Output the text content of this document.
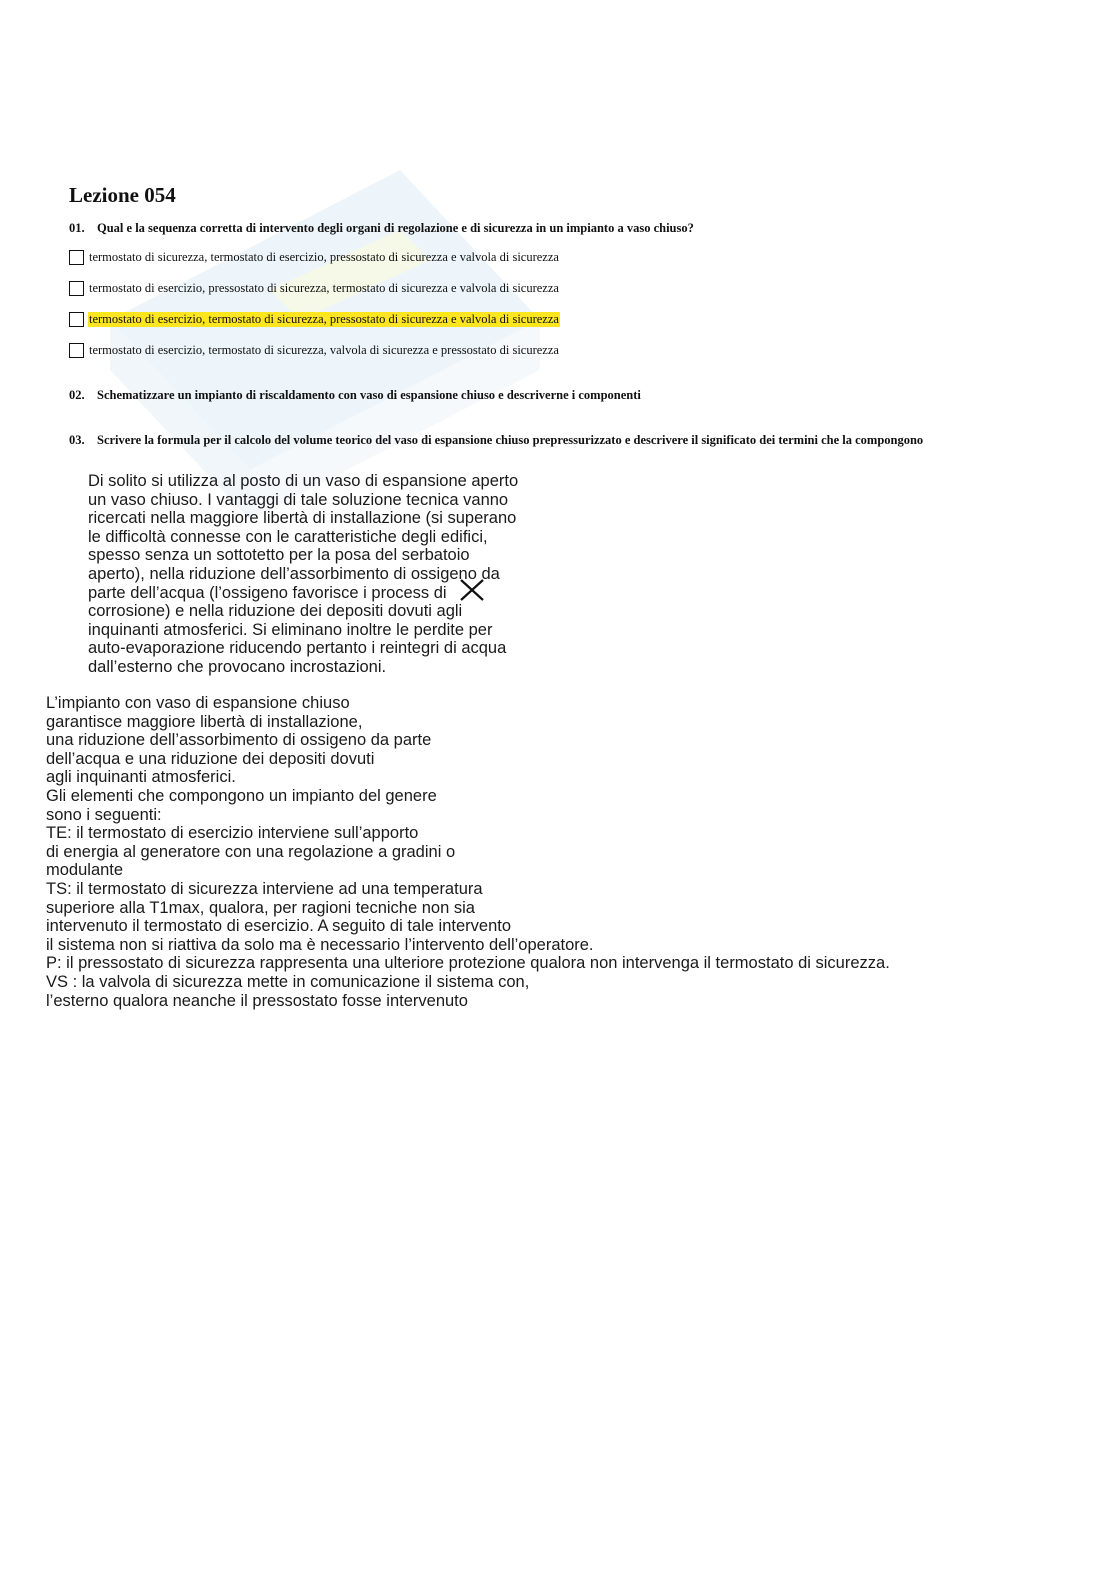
Lezione 054
01. Qual e la sequenza corretta di intervento degli organi di regolazione e di sicurezza in un impianto a vaso chiuso?
termostato di sicurezza, termostato di esercizio, pressostato di sicurezza e valvola di sicurezza
termostato di esercizio, pressostato di sicurezza, termostato di sicurezza e valvola di sicurezza
termostato di esercizio, termostato di sicurezza, pressostato di sicurezza e valvola di sicurezza
termostato di esercizio, termostato di sicurezza, valvola di sicurezza e pressostato di sicurezza
02. Schematizzare un impianto di riscaldamento con vaso di espansione chiuso e descriverne i componenti
03. Scrivere la formula per il calcolo del volume teorico del vaso di espansione chiuso prepressurizzato e descrivere il significato dei termini che la compongono
Di solito si utilizza al posto di un vaso di espansione aperto
un vaso chiuso. I vantaggi di tale soluzione tecnica vanno
ricercati nella maggiore libertà di installazione (si superano
le difficoltà connesse con le caratteristiche degli edifici,
spesso senza un sottotetto per la posa del serbatoio
aperto), nella riduzione dell’assorbimento di ossigeno da
parte dell’acqua (l’ossigeno favorisce i process di
corrosione) e nella riduzione dei depositi dovuti agli
inquinanti atmosferici. Si eliminano inoltre le perdite per
auto-evaporazione riducendo pertanto i reintegri di acqua
dall’esterno che provocano incrostazioni.
L’impianto con vaso di espansione chiuso
garantisce maggiore libertà di installazione,
una riduzione dell’assorbimento di ossigeno da parte
dell’acqua e una riduzione dei depositi dovuti
agli inquinanti atmosferici.
Gli elementi che compongono un impianto del genere
sono i seguenti:
TE: il termostato di esercizio interviene sull’apporto
di energia al generatore con una regolazione a gradini o
modulante
TS: il termostato di sicurezza interviene ad una temperatura
superiore alla T1max, qualora, per ragioni tecniche non sia
intervenuto il termostato di esercizio. A seguito di tale intervento
il sistema non si riattiva da solo ma è necessario l’intervento dell’operatore.
P: il pressostato di sicurezza rappresenta una ulteriore protezione qualora non intervenga il termostato di sicurezza.
VS : la valvola di sicurezza mette in comunicazione il sistema con,
l’esterno qualora neanche il pressostato fosse intervenuto
